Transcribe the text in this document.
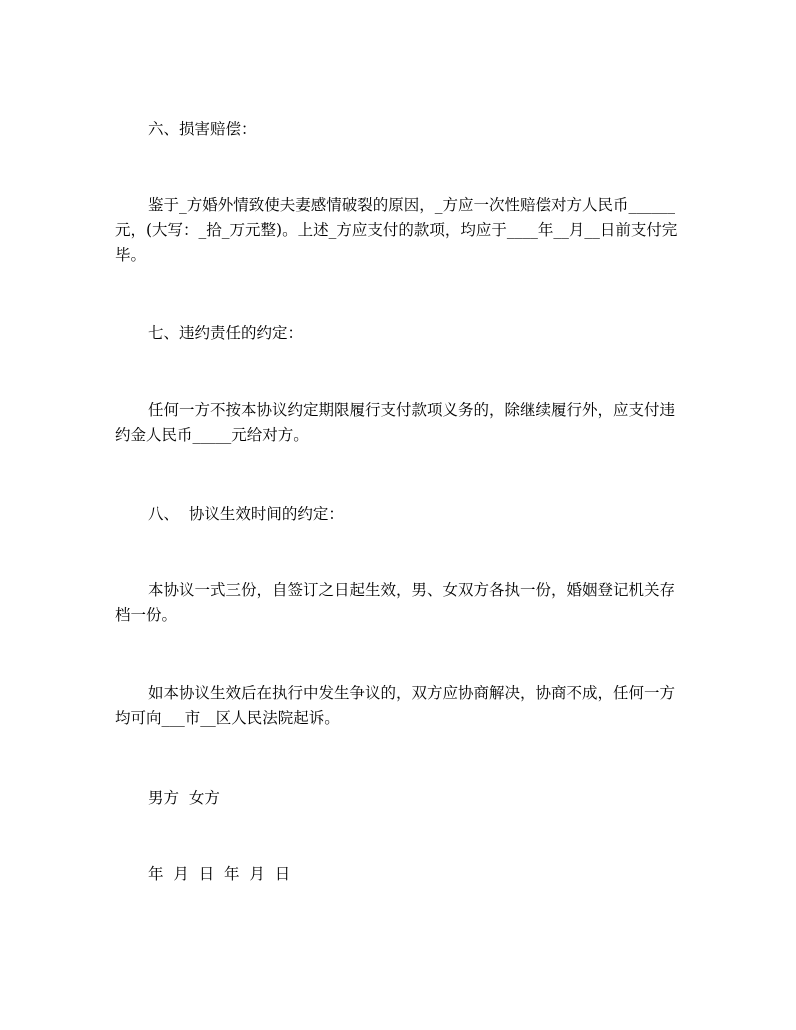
六、损害赔偿：

鉴于_方婚外情致使夫妻感情破裂的原因，_方应一次性赔偿对方人民币______元，(大写：_拾_万元整)。上述_方应支付的款项，均应于____年__月__日前支付完毕。

七、违约责任的约定：

任何一方不按本协议约定期限履行支付款项义务的，除继续履行外，应支付违约金人民币_____元给对方。

八、  协议生效时间的约定：

本协议一式三份，自签订之日起生效，男、女双方各执一份，婚姻登记机关存档一份。

如本协议生效后在执行中发生争议的，双方应协商解决，协商不成，任何一方均可向___市__区人民法院起诉。

男方  女方

年  月  日  年  月  日
